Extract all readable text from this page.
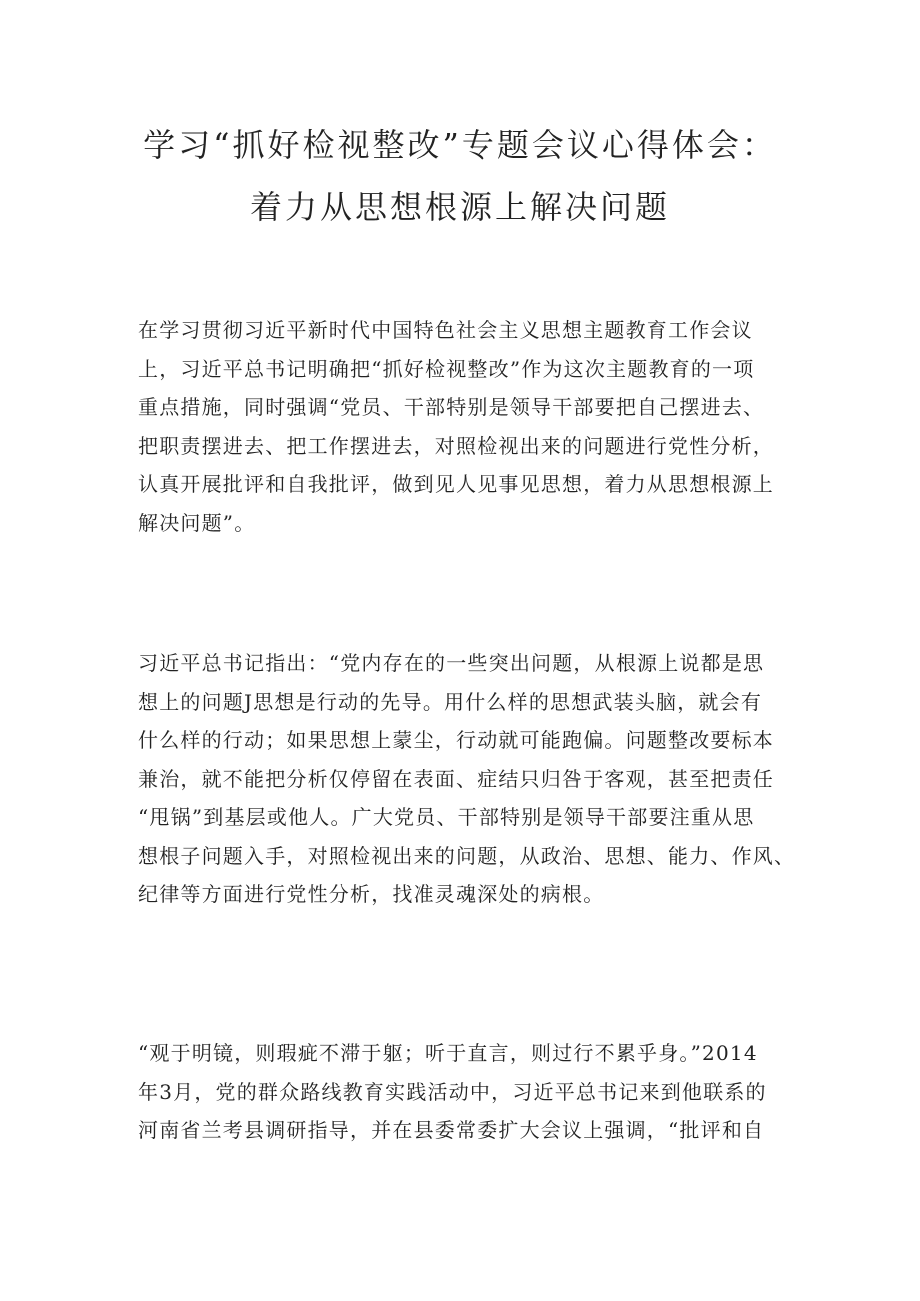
学习“抓好检视整改”专题会议心得体会：
着力从思想根源上解决问题
在学习贯彻习近平新时代中国特色社会主义思想主题教育工作会议
上，习近平总书记明确把“抓好检视整改”作为这次主题教育的一项
重点措施，同时强调“党员、干部特别是领导干部要把自己摆进去、
把职责摆进去、把工作摆进去，对照检视出来的问题进行党性分析，
认真开展批评和自我批评，做到见人见事见思想，着力从思想根源上
解决问题”。
习近平总书记指出：“党内存在的一些突出问题，从根源上说都是思
想上的问题J思想是行动的先导。用什么样的思想武装头脑，就会有
什么样的行动；如果思想上蒙尘，行动就可能跑偏。问题整改要标本
兼治，就不能把分析仅停留在表面、症结只归咎于客观，甚至把责任
“甩锅”到基层或他人。广大党员、干部特别是领导干部要注重从思
想根子问题入手，对照检视出来的问题，从政治、思想、能力、作风、
纪律等方面进行党性分析，找准灵魂深处的病根。
“观于明镜，则瑕疵不滞于躯；听于直言，则过行不累乎身。”2014
年3月，党的群众路线教育实践活动中，习近平总书记来到他联系的
河南省兰考县调研指导，并在县委常委扩大会议上强调，“批评和自
